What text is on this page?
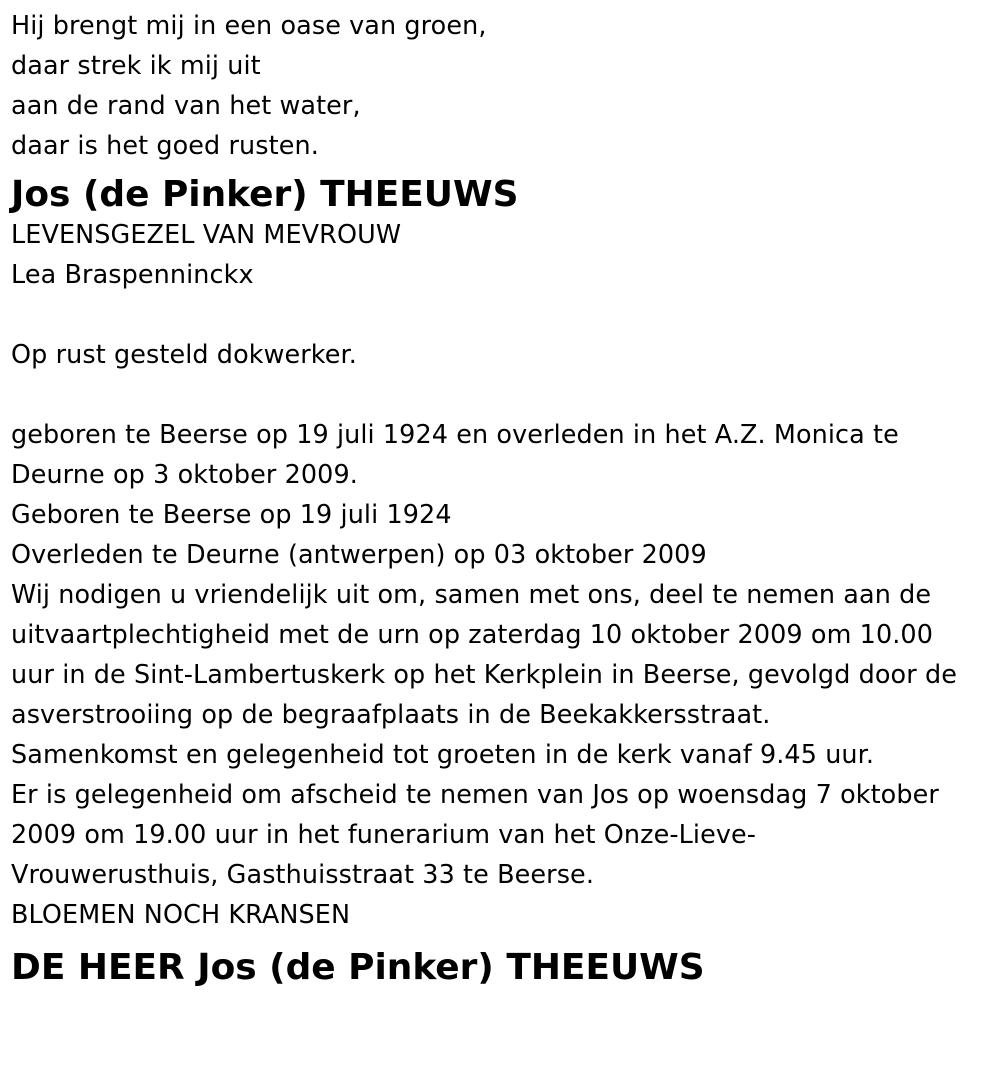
Hij brengt mij in een oase van groen,
daar strek ik mij uit
aan de rand van het water,
daar is het goed rusten.
Jos (de Pinker) THEEUWS
LEVENSGEZEL VAN MEVROUW
Lea Braspenninckx
Op rust gesteld dokwerker.
geboren te Beerse op 19 juli 1924 en overleden in het A.Z. Monica te
Deurne op 3 oktober 2009.
Geboren te Beerse op 19 juli 1924
Overleden te Deurne (antwerpen) op 03 oktober 2009
Wij nodigen u vriendelijk uit om, samen met ons, deel te nemen aan de
uitvaartplechtigheid met de urn op zaterdag 10 oktober 2009 om 10.00
uur in de Sint-Lambertuskerk op het Kerkplein in Beerse, gevolgd door de
asverstrooiing op de begraafplaats in de Beekakkersstraat.
Samenkomst en gelegenheid tot groeten in de kerk vanaf 9.45 uur.
Er is gelegenheid om afscheid te nemen van Jos op woensdag 7 oktober
2009 om 19.00 uur in het funerarium van het Onze-Lieve-
Vrouwerusthuis, Gasthuisstraat 33 te Beerse.
BLOEMEN NOCH KRANSEN
DE HEER Jos (de Pinker) THEEUWS
